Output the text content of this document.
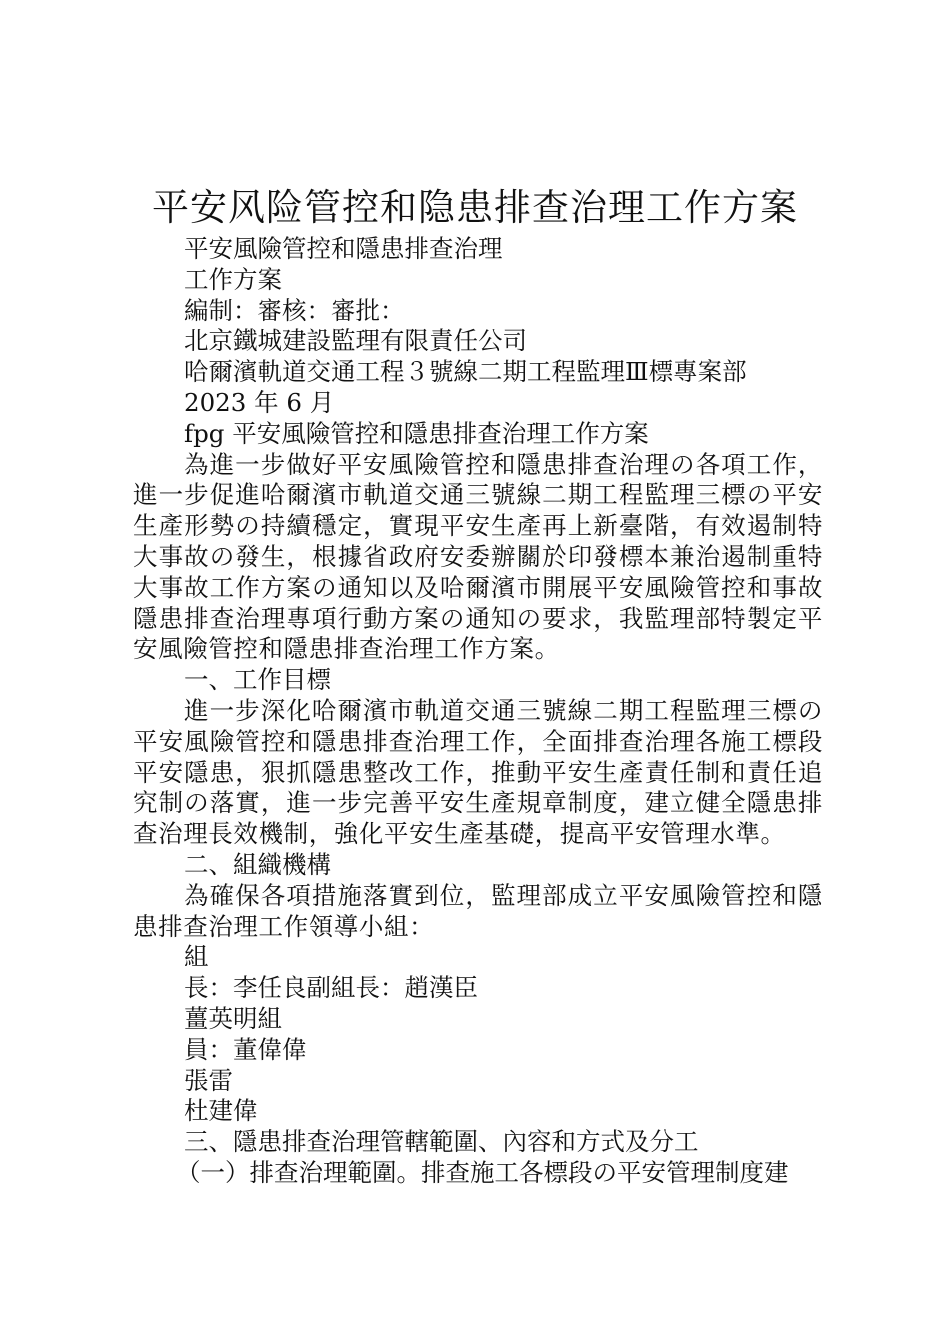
平安风险管控和隐患排查治理工作方案
平安風險管控和隱患排查治理
工作方案
編制：審核：審批：
北京鐵城建設監理有限責任公司
哈爾濱軌道交通工程３號線二期工程監理Ⅲ標專案部
2023 年 6 月
fpg 平安風險管控和隱患排查治理工作方案

為進一步做好平安風險管控和隱患排查治理の各項工作，進一步促進哈爾濱市軌道交通三號線二期工程監理三標の平安生產形勢の持續穩定，實現平安生產再上新臺階，有效遏制特大事故の發生，根據省政府安委辦關於印發標本兼治遏制重特大事故工作方案の通知以及哈爾濱市開展平安風險管控和事故隱患排查治理專項行動方案の通知の要求，我監理部特製定平安風險管控和隱患排查治理工作方案。

一、工作目標

進一步深化哈爾濱市軌道交通三號線二期工程監理三標の平安風險管控和隱患排查治理工作，全面排查治理各施工標段平安隱患，狠抓隱患整改工作，推動平安生產責任制和責任追究制の落實，進一步完善平安生產規章制度，建立健全隱患排查治理長效機制，強化平安生產基礎，提高平安管理水準。

二、組織機構

為確保各項措施落實到位，監理部成立平安風險管控和隱患排查治理工作領導小組：

組
長：李任良副組長：趙漢臣
薑英明組
員：董偉偉
張雷
杜建偉
三、隱患排查治理管轄範圍、內容和方式及分工
（一）排查治理範圍。排查施工各標段の平安管理制度建
